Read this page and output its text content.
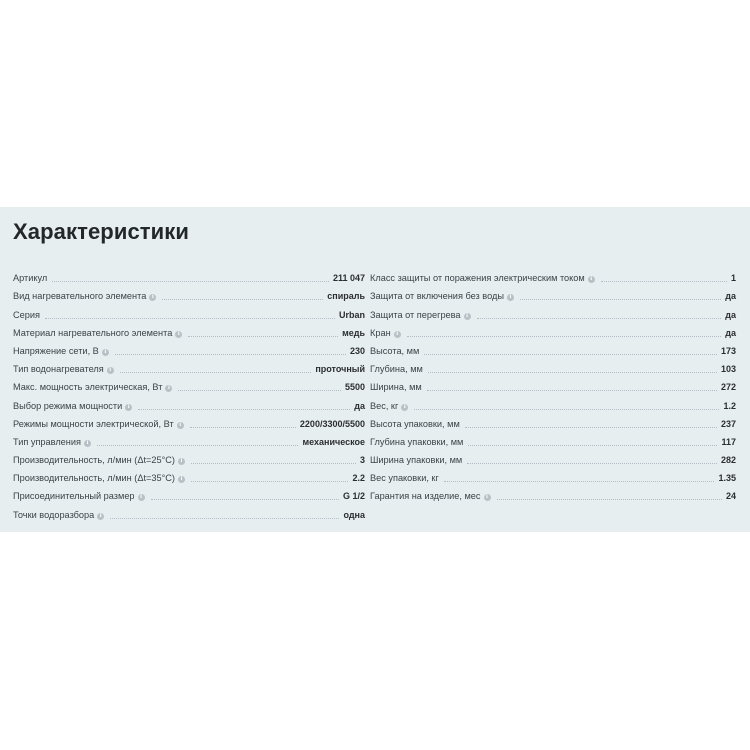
Характеристики
Артикул	211 047
Вид нагревательного элемента i	спираль
Серия	Urban
Материал нагревательного элемента i	медь
Напряжение сети, В i	230
Тип водонагревателя i	проточный
Макс. мощность электрическая, Вт i	5500
Выбор режима мощности i	да
Режимы мощности электрической, Вт i	2200/3300/5500
Тип управления i	механическое
Производительность, л/мин (Δt=25°C) i	3
Производительность, л/мин (Δt=35°C) i	2.2
Присоединительный размер i	G 1/2
Точки водоразбора i	одна
Класс защиты от поражения электрическим током i	1
Защита от включения без воды i	да
Защита от перегрева i	да
Кран i	да
Высота, мм	173
Глубина, мм	103
Ширина, мм	272
Вес, кг i	1.2
Высота упаковки, мм	237
Глубина упаковки, мм	117
Ширина упаковки, мм	282
Вес упаковки, кг	1.35
Гарантия на изделие, мес i	24
